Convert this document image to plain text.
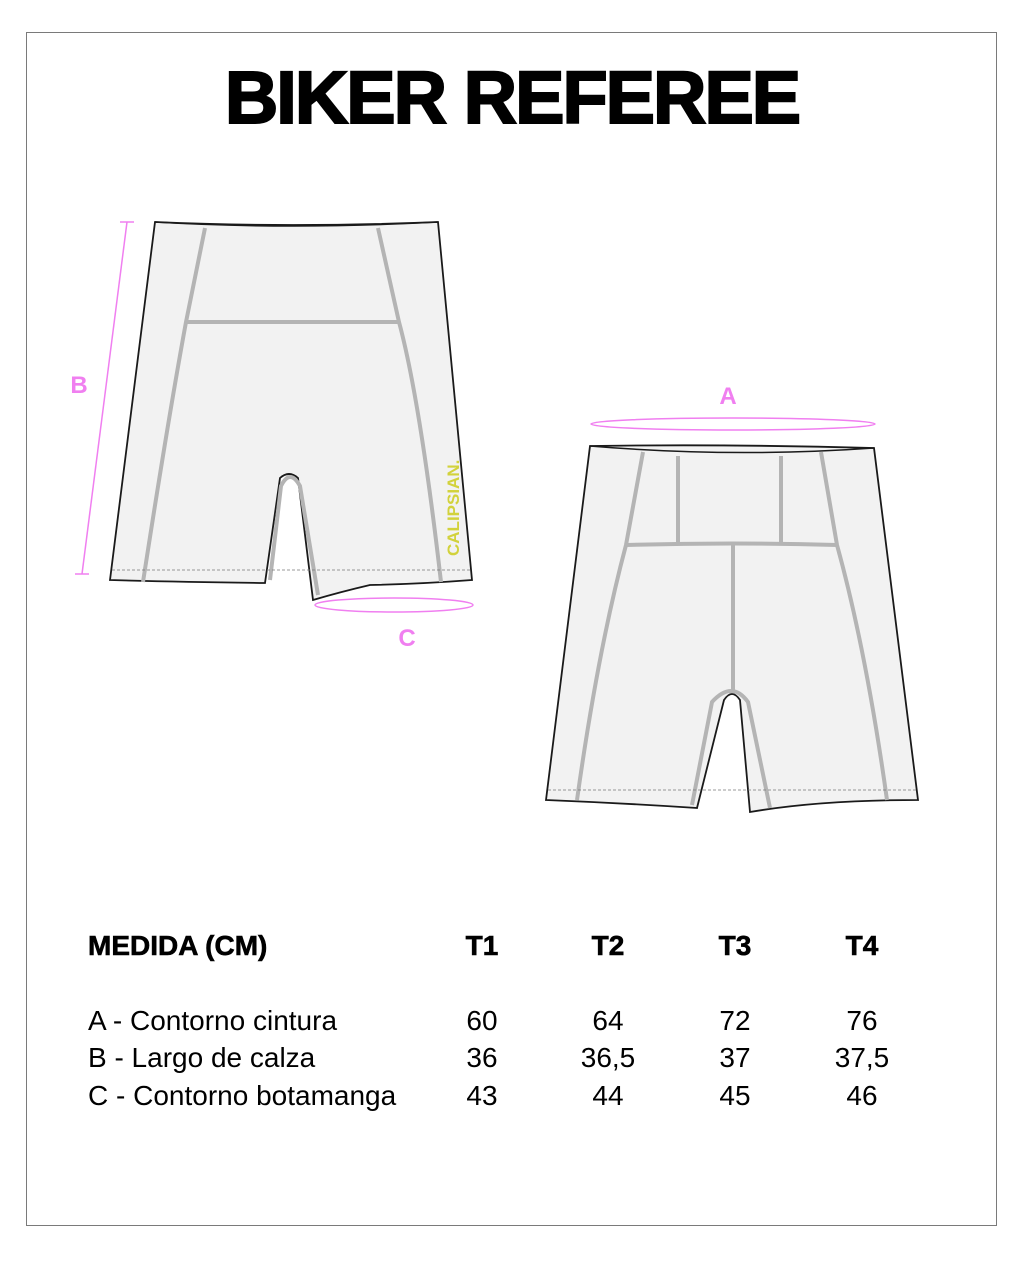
BIKER REFEREE
A
B
C
CALIPSIAN.
MEDIDA (CM)	T1	T2	T3	T4
A - Contorno cintura	60	64	72	76
B - Largo de calza	36	36,5	37	37,5
C - Contorno botamanga	43	44	45	46
